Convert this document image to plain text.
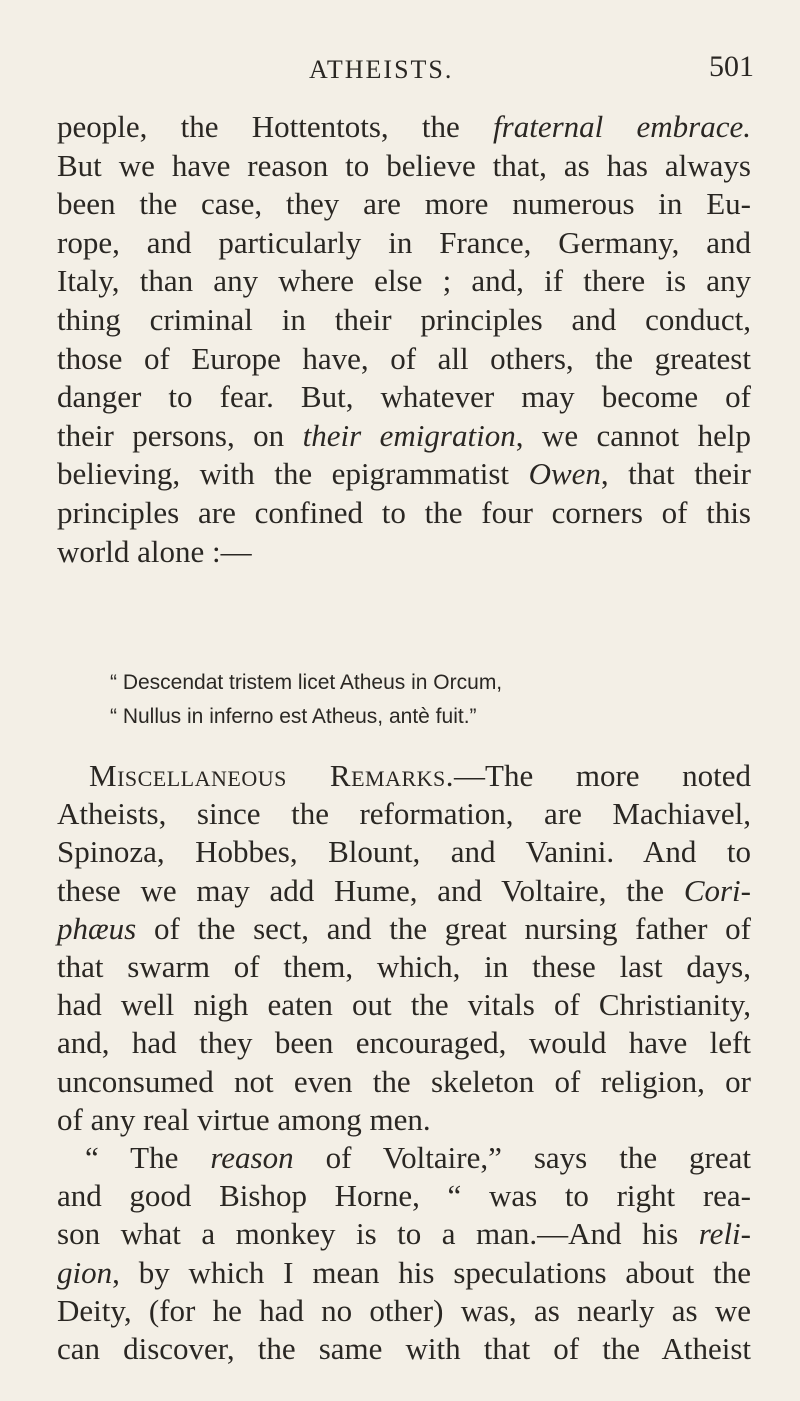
ATHEISTS.	501
people, the Hottentots, the fraternal embrace.
But we have reason to believe that, as has always
been the case, they are more numerous in Eu-
rope, and particularly in France, Germany, and
Italy, than any where else ; and, if there is any
thing criminal in their principles and conduct,
those of Europe have, of all others, the greatest
danger to fear. But, whatever may become of
their persons, on their emigration, we cannot help
believing, with the epigrammatist Owen, that their
principles are confined to the four corners of this
world alone :—
“ Descendat tristem licet Atheus in Orcum,
“ Nullus in inferno est Atheus, antè fuit.”
Miscellaneous Remarks.—The more noted
Atheists, since the reformation, are Machiavel,
Spinoza, Hobbes, Blount, and Vanini. And to
these we may add Hume, and Voltaire, the Cori-
phæus of the sect, and the great nursing father of
that swarm of them, which, in these last days,
had well nigh eaten out the vitals of Christianity,
and, had they been encouraged, would have left
unconsumed not even the skeleton of religion, or
of any real virtue among men.
“ The reason of Voltaire,” says the great
and good Bishop Horne, “ was to right rea-
son what a monkey is to a man.—And his reli-
gion, by which I mean his speculations about the
Deity, (for he had no other) was, as nearly as we
can discover, the same with that of the Atheist
